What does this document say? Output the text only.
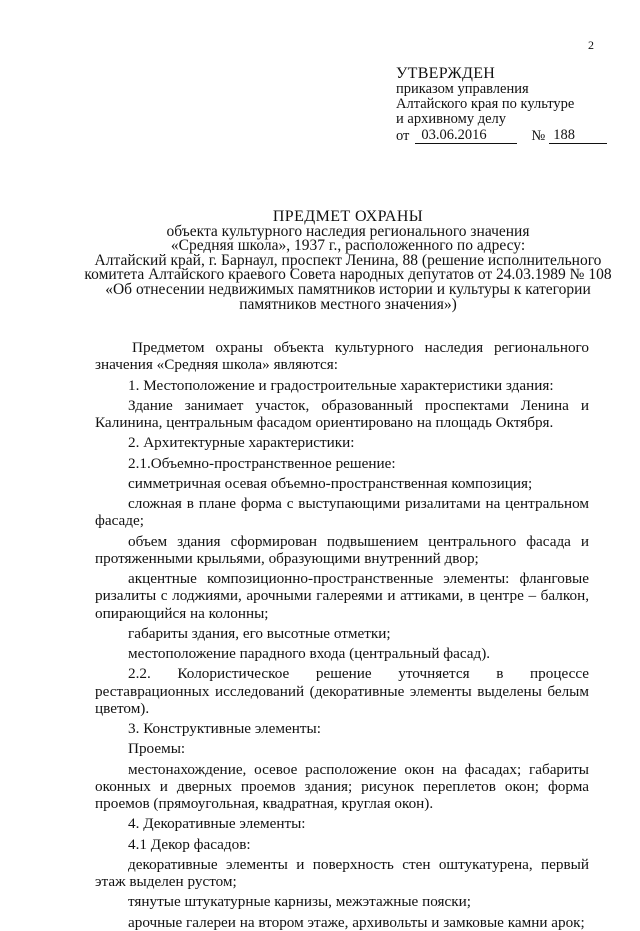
2
УТВЕРЖДЕН
приказом управления
Алтайского края по культуре
и архивному делу
от 03.06.2016	№ 188
ПРЕДМЕТ ОХРАНЫ
объекта культурного наследия регионального значения
«Средняя школа», 1937 г., расположенного по адресу:
Алтайский край, г. Барнаул, проспект Ленина, 88 (решение исполнительного
комитета Алтайского краевого Совета народных депутатов от 24.03.1989 № 108
«Об отнесении недвижимых памятников истории и культуры к категории
памятников местного значения»)

Предметом охраны объекта культурного наследия регионального значения «Средняя школа» являются:

1. Местоположение и градостроительные характеристики здания:

Здание занимает участок, образованный проспектами Ленина и Калинина, центральным фасадом ориентировано на площадь Октября.

2. Архитектурные характеристики:

2.1.Объемно-пространственное решение:

симметричная осевая объемно-пространственная композиция;

сложная в плане форма с выступающими ризалитами на центральном фасаде;

объем здания сформирован подвышением центрального фасада и протяженными крыльями, образующими внутренний двор;

акцентные композиционно-пространственные элементы: фланговые ризалиты с лоджиями, арочными галереями и аттиками, в центре – балкон, опирающийся на колонны;

габариты здания, его высотные отметки;

местоположение парадного входа (центральный фасад).

2.2. Колористическое решение уточняется в процессе реставрационных исследований (декоративные элементы выделены белым цветом).

3. Конструктивные элементы:

Проемы:

местонахождение, осевое расположение окон на фасадах; габариты оконных и дверных проемов здания; рисунок переплетов окон; форма проемов (прямоугольная, квадратная, круглая окон).

4. Декоративные элементы:

4.1 Декор фасадов:

декоративные элементы и поверхность стен оштукатурена, первый этаж выделен рустом;

тянутые штукатурные карнизы, межэтажные пояски;

арочные галереи на втором этаже, архивольты и замковые камни арок;
